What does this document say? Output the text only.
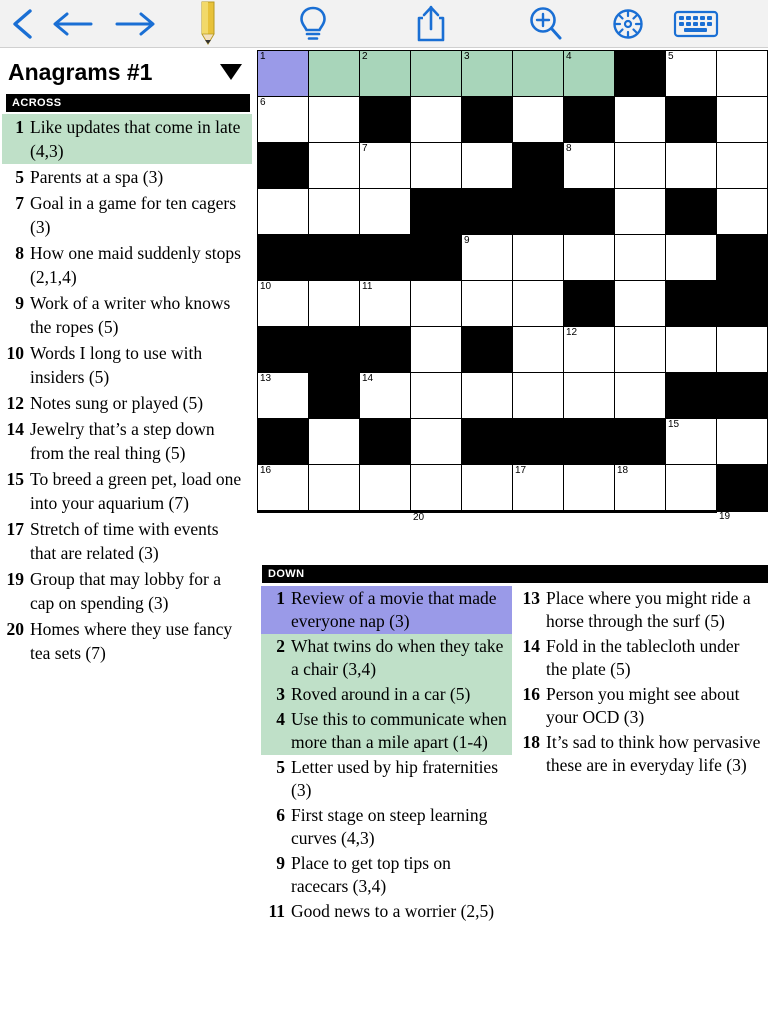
Anagrams #1
ACROSS
1 Like updates that come in late (4,3)
5 Parents at a spa (3)
7 Goal in a game for ten cagers (3)
8 How one maid suddenly stops (2,1,4)
9 Work of a writer who knows the ropes (5)
10 Words I long to use with insiders (5)
12 Notes sung or played (5)
14 Jewelry that’s a step down from the real thing (5)
15 To breed a green pet, load one into your aquarium (7)
17 Stretch of time with events that are related (3)
19 Group that may lobby for a cap on spending (3)
20 Homes where they use fancy tea sets (7)
1	2	3	4	5
6
7	8
9
10	11
12
13	14
15
16	17	18
19
20
DOWN
1 Review of a movie that made everyone nap (3)
2 What twins do when they take a chair (3,4)
3 Roved around in a car (5)
4 Use this to communicate when more than a mile apart (1-4)
5 Letter used by hip fraternities (3)
6 First stage on steep learning curves (4,3)
9 Place to get top tips on racecars (3,4)
11 Good news to a worrier (2,5)
13 Place where you might ride a horse through the surf (5)
14 Fold in the tablecloth under the plate (5)
16 Person you might see about your OCD (3)
18 It’s sad to think how pervasive these are in everyday life (3)
